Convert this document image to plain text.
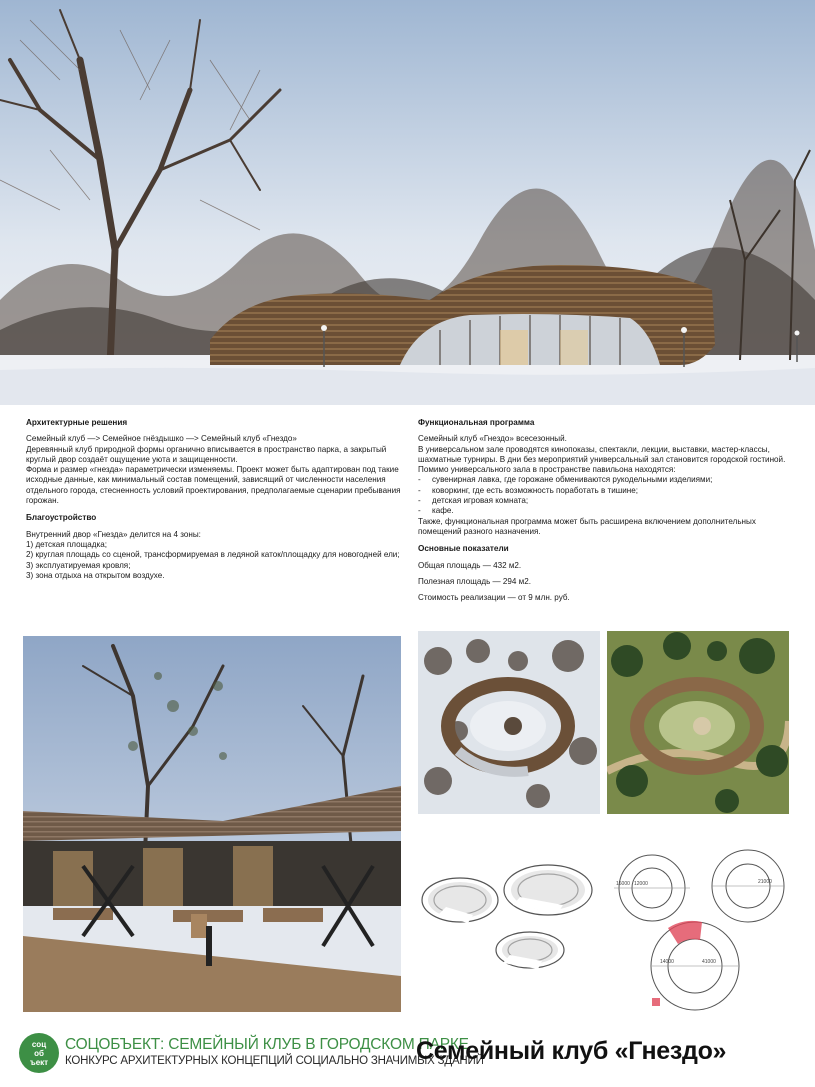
Архитектурные решения

Семейный клуб —> Семейное гнёздышко —> Семейный клуб «Гнездо»

Деревянный клуб природной формы органично вписывается в пространство парка, а закрытый круглый двор создаёт ощущение уюта и защищенности.

Форма и размер «гнезда» параметрически изменяемы. Проект может быть адаптирован под такие исходные данные, как минимальный состав помещений, зависящий от численности населения отдельного города, стесненность условий проектирования, предполагаемые сценарии пребывания горожан.

Благоустройство

Внутренний двор «Гнезда» делится на 4 зоны:

1) детская площадка;

2) круглая площадь со сценой, трансформируемая в ледяной каток/площадку для новогодней ели;

3) эксплуатируемая кровля;

3) зона отдыха на открытом воздухе.

Функциональная программа

Семейный клуб «Гнездо» всесезонный.

В универсальном зале проводятся кинопоказы, спектакли, лекции, выставки, мастер-классы, шахматные турниры. В дни без мероприятий универсальный зал становится городской гостиной.

Помимо универсального зала в пространстве павильона находятся:

-	сувенирная лавка, где горожане обмениваются рукодельными изделиями;
-	коворкинг, где есть возможность поработать в тишине;
-	детская игровая комната;
-	кафе.

Также, функциональная программа может быть расширена включением дополнительных помещений разного назначения.

Основные показатели

Общая площадь — 432 м2.

Полезная площадь — 294 м2.

Стоимость реализации — от 9 млн. руб.

12000	21000
16000
41000
14000
соц
об
ъект
СОЦОБЪЕКТ: СЕМЕЙНЫЙ КЛУБ В ГОРОДСКОМ ПАРКЕ
КОНКУРС АРХИТЕКТУРНЫХ КОНЦЕПЦИЙ СОЦИАЛЬНО ЗНАЧИМЫХ ЗДАНИЙ
Семейный клуб «Гнездо»
